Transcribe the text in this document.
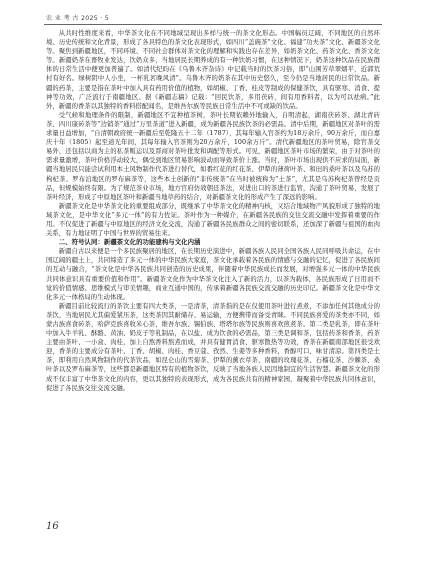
农 业 考 古 2025 · 5

从共时性维度来看，中华茶文化在不同地域呈现出多样与统一的茶文化形态。中国幅员辽阔，不同地区的自然环境、历史传统和文化背景，形成了各具特色的茶文化表现形式，如四川“盖碗茶”文化、福建“功夫茶”文化、新疆茶文化等。聚焦到新疆地区，不同环境、不同社会群体对茶文化的理解和实践也存在差异，如奶茶文化、药茶文化、香茶文化等。新疆奶茶在畜牧业发达，饮奶众多，当地居民长期养成的有一种饮奶习惯，在这种情况下，奶茶这种饮品在民族群体的日常生活中便更加普遍了。如清代纪昀在《乌鲁木齐杂诗》中记载当时的饮茶习俗，即“山围芳草翠烟平，近郭荒村有好名。绿树阴中人小坐，一杯乳茗晚风清”。乌鲁木齐的奶茶在其中历史悠久，至今仍是当地居民的日常饮品。新疆的药茶，主要是指在茶叶中加入具有药用价值的植物，如胡椒、丁香、桂皮等制成的保健茶饮，具有驱寒、消食、提神等功效，广泛流行于南疆地区。据《新疆志稿》记载：“回民饮茶，多用茯砖，间有用香料者，以为可以祛病。”此外，新疆的香茶以其独特的香料搭配闻名，是维吾尔族等民族日常生活中不可或缺的饮品。

受气候和地理条件的限制，新疆地区不宜种植茶树，茶叶长期依赖外地输入，自明清起，湖南茯砖茶、湖北青砖茶、四川康砖茶等“边销茶”通过“万里茶道”进入新疆，成为新疆各民族饮茶的必需品。清中后期，新疆地区对茶叶的需求量日益增加，“自清朝政府统一新疆后至乾隆五十二年（1787），其每年输入官茶约为18万余斤，90万余斤，而自嘉庆十年（1805）起至道光年间，其每年输入官茶则为20万余斤，100余万斤”。清代新疆地区的茶叶贸易，除官茶交易外，还包括以商为主的私茶贩运以及晋商对茶叶批发和调配等形式。可见，新疆地区茶叶市场的繁荣，由于对茶叶的需求量激增，茶叶价格浮动较大，偶受到地区贸易影响波动而导致茶价上涨。当时，茶叶市场出现供不应求的局面，新疆当地居民只能尝试利用本土风物制作代茶进行替代，如番红花的红花茶、伊犁的薄荷叶茶、和田的桑叶茶以及乌苏的枸杞茶、罗布泊地区的罗布麻茶等，这些本土创新的“非传统茶”在当时被统称为“土茶”，尤其是乌苏枸杞茶曾经是贡品，但规模始终有限。为了规范茶业市场，地方官府仿效朝廷茶法，对进出口的茶进行监管，沟通了茶叶贸易，发展了茶叶经济，形成了中原地区茶叶和新疆当地草药的结合，对新疆茶文化的形成产生了深远的影响。

新疆茶文化是中华茶文化的重要组成部分，既继承了中华茶文化的精神内核，又结合地域物产风貌形成了独特的地域茶文化，是中华文化“多元一体”的有力佐证。茶叶作为一种媒介，在新疆各民族的交往交流交融中发挥着重要的作用。不仅促进了新疆与中原地区的经济文化交流，沟通了新疆各民族群众之间的密切联系，还加深了新疆与祖国的血肉关系，有力地证明了中国与世界的贸易往来。

二、符号认同：新疆茶文化的功能建构与文化内涵

新疆自古以来便是一个多民族聚居的地区，在长期历史演进中，新疆各族人民同全国各族人民同呼吸共命运，在中国辽阔的疆土上，共同缔造了多元一体的中华民族大家庭，茶文化承载着各民族的情感与交融的记忆，促进了各民族间的互动与融合，“茶文化是中华各民族共同创造的历史成果，伴随着中华民族成长而发展，对增强多元一体的中华民族共同体意识具有重要价值和作用”。新疆茶文化作为中华茶文化注入了新的活力，以茶为载体，各民族形成了日用而不觉的价值情感、思维模式与审美情趣，商业互通中国的，传承着新疆各民族交流交融的历史印记。新疆茶文化是中华文化多元一体格局的生动体现。

新疆目前比较流行的茶饮主要有四大类茶，一是清茶，清茶指的是在仅使用茶叶进行煮煮，不添加任何其他成分的茶饮，当地居民尤其偏爱紧压茶，这类茶因其耐储存、易运输，方便携带而备受青睐。不同民族喜爱的茶类亦不同，如蒙古族喜食砖茶，哈萨克族喜收米心茶，维吾尔族、锡伯族、塔塔尔族等民族则喜欢煎煮茶。第二类是乳茶，即在茶叶中加入牛羊乳、酥酪、黄油、奶皮子等乳制品，在以盐、成为饮食的必需品，第三类是调和茶，包括药茶和香茶，药茶主要由茶叶、一小盒、肉桂，加上自熬香料熬煮而成，并具有健胃消食、驱寒散热等功效，香茶在新疆南部地区很受欢迎，香茶的主要成分有茶叶、丁香、胡椒、肉桂、香豆蔻、孜然、生姜等多种香料，香醇可口，味甘清凉。第四类是土茶，即利用自然风物制作的代茶饮品，如昆仑山的雪菊茶、伊犁的薰衣草茶、南疆的玫瑰花茶、石榴花茶、沙棘茶、桑叶茶以及罗布麻茶等，这些都是新疆地区特有的植物茶饮，反映了当地各族人民因地制宜的生活智慧。新疆茶文化的形成不仅丰富了中华茶文化的内容，更以其独特的表现形式，成为各民族共有的精神家园，凝聚着中华民族共同体意识，促进了各民族交往交流交融。

16
